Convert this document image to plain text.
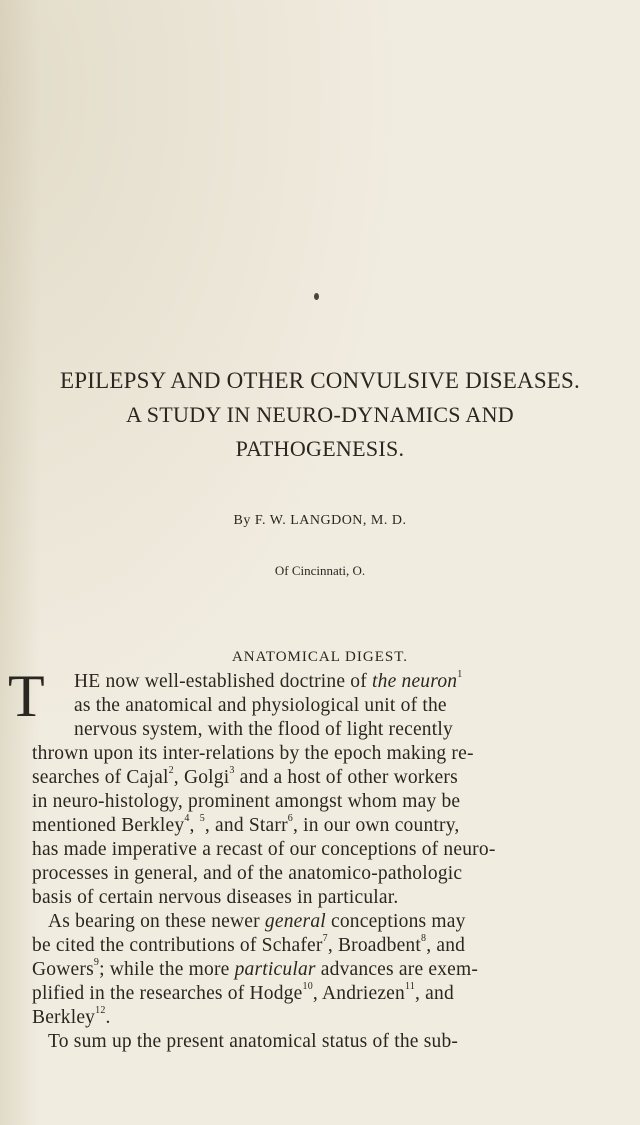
EPILEPSY AND OTHER CONVULSIVE DISEASES.
A STUDY IN NEURO-DYNAMICS AND
PATHOGENESIS.
By F. W. LANGDON, M. D.
Of Cincinnati, O.
ANATOMICAL DIGEST.
T HE now well-established doctrine of the neuron$^1$
as the anatomical and physiological unit of the
nervous system, with the flood of light recently
thrown upon its inter-relations by the epoch making re-
searches of Cajal$^2$, Golgi$^3$ and a host of other workers
in neuro-histology, prominent amongst whom may be
mentioned Berkley$^4$, $^5$, and Starr$^6$, in our own country,
has made imperative a recast of our conceptions of neuro-
processes in general, and of the anatomico-pathologic
basis of certain nervous diseases in particular.
As bearing on these newer general conceptions may
be cited the contributions of Schafer$^7$, Broadbent$^8$, and
Gowers$^9$; while the more particular advances are exem-
plified in the researches of Hodge$^{10}$, Andriezen$^{11}$, and
Berkley$^{12}$.
To sum up the present anatomical status of the sub-
